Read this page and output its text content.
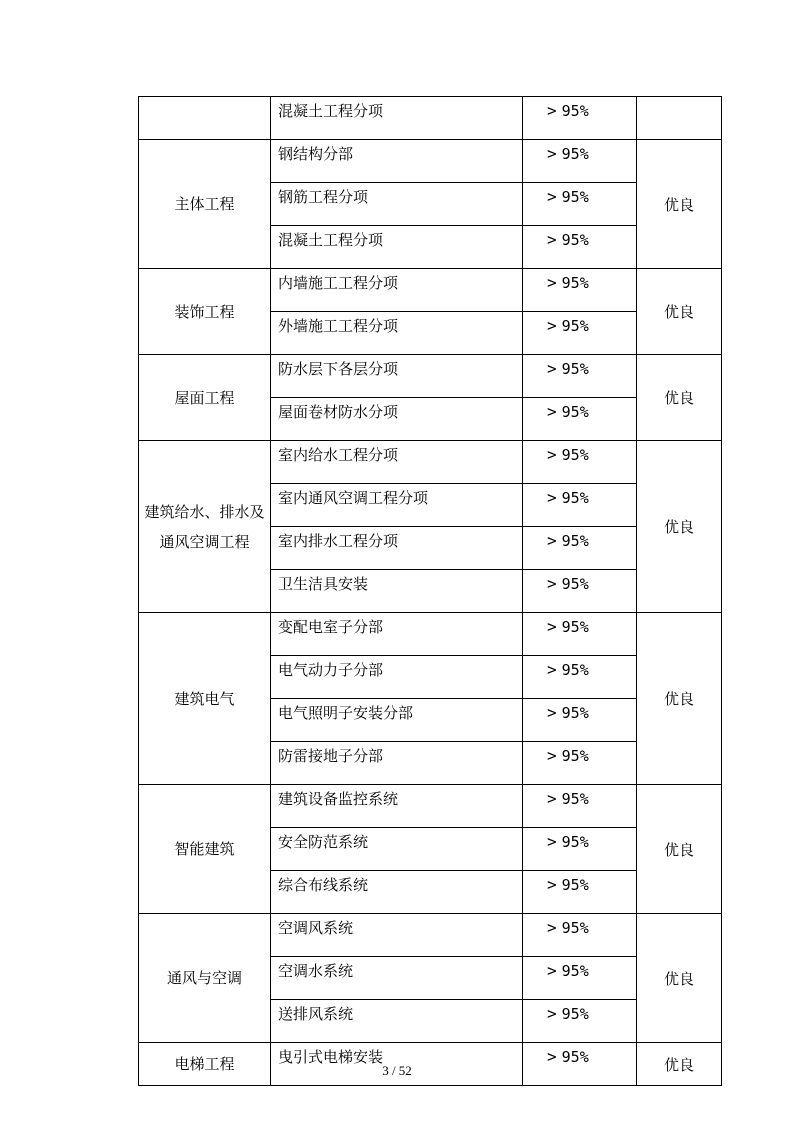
	混凝土工程分项	> 95%	
主体工程	钢结构分部	> 95%	优良
	钢筋工程分项	> 95%	
	混凝土工程分项	> 95%	
装饰工程	内墙施工工程分项	> 95%	优良
	外墙施工工程分项	> 95%	
屋面工程	防水层下各层分项	> 95%	优良
	屋面卷材防水分项	> 95%	
建筑给水、排水及
通风空调工程	室内给水工程分项	> 95%	优良
	室内通风空调工程分项	> 95%	
	室内排水工程分项	> 95%	
	卫生洁具安装	> 95%	
建筑电气	变配电室子分部	> 95%	优良
	电气动力子分部	> 95%	
	电气照明子安装分部	> 95%	
	防雷接地子分部	> 95%	
智能建筑	建筑设备监控系统	> 95%	优良
	安全防范系统	> 95%	
	综合布线系统	> 95%	
通风与空调	空调风系统	> 95%	优良
	空调水系统	> 95%	
	送排风系统	> 95%	
电梯工程	曳引式电梯安装	> 95%	优良
3 / 52
